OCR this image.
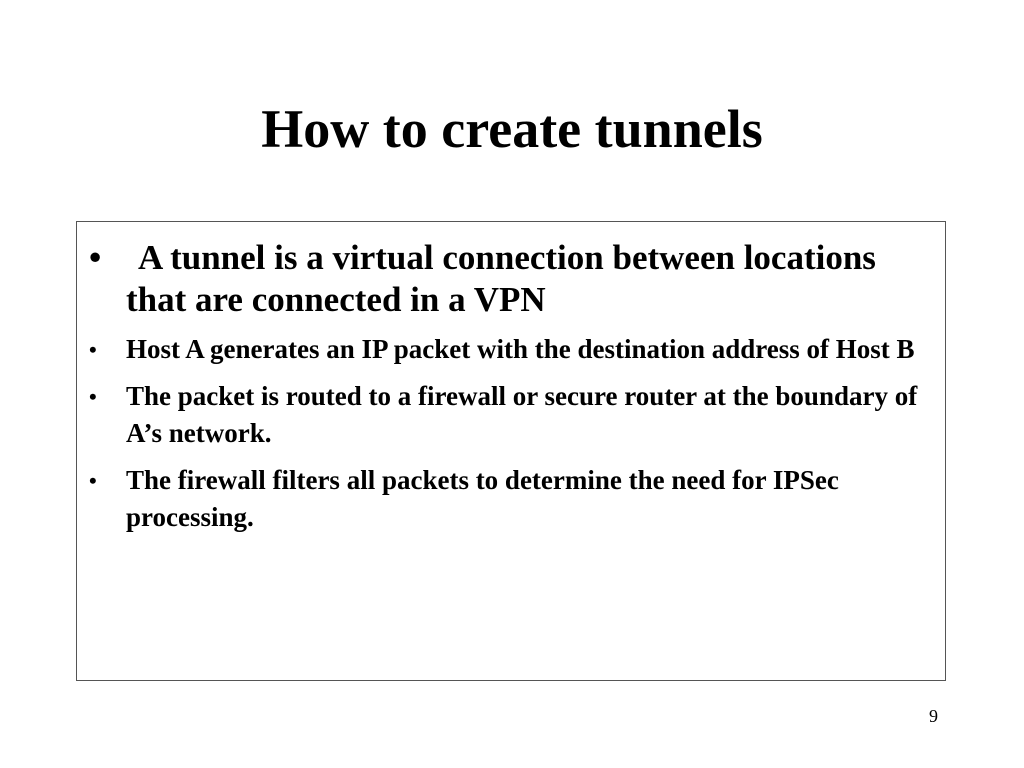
How to create tunnels
•	A tunnel is a virtual connection between locations that are connected in a VPN
• Host A generates an IP packet with the destination address of Host B
• The packet is routed to a firewall or secure router at the boundary of A’s network.
• The firewall filters all packets to determine the need for IPSec processing.
9
